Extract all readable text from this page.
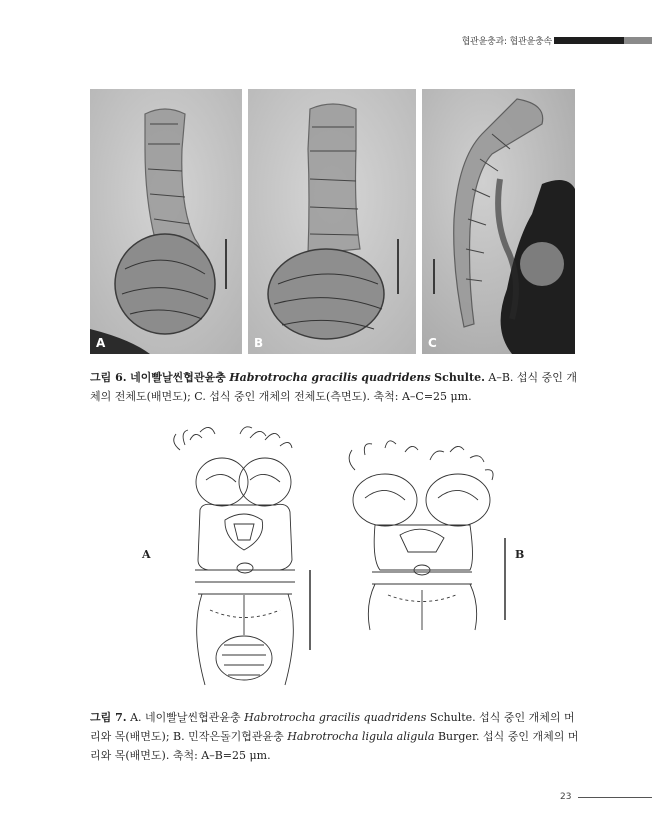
협관윤충과: 협관윤충속
A	B	C
그림 6. 네이빨날씬협관윤충 Habrotrocha gracilis quadridens Schulte. A–B. 섭식 중인 개체의 전체도(배면도); C. 섭식 중인 개체의 전체도(측면도). 축척: A–C=25 μm.
A	B
그림 7. A. 네이빨날씬협관윤충 Habrotrocha gracilis quadridens Schulte. 섭식 중인 개체의 머리와 목(배면도); B. 민작은돌기협관윤충 Habrotrocha ligula aligula Burger. 섭식 중인 개체의 머리와 목(배면도). 축척: A–B=25 μm.
23
